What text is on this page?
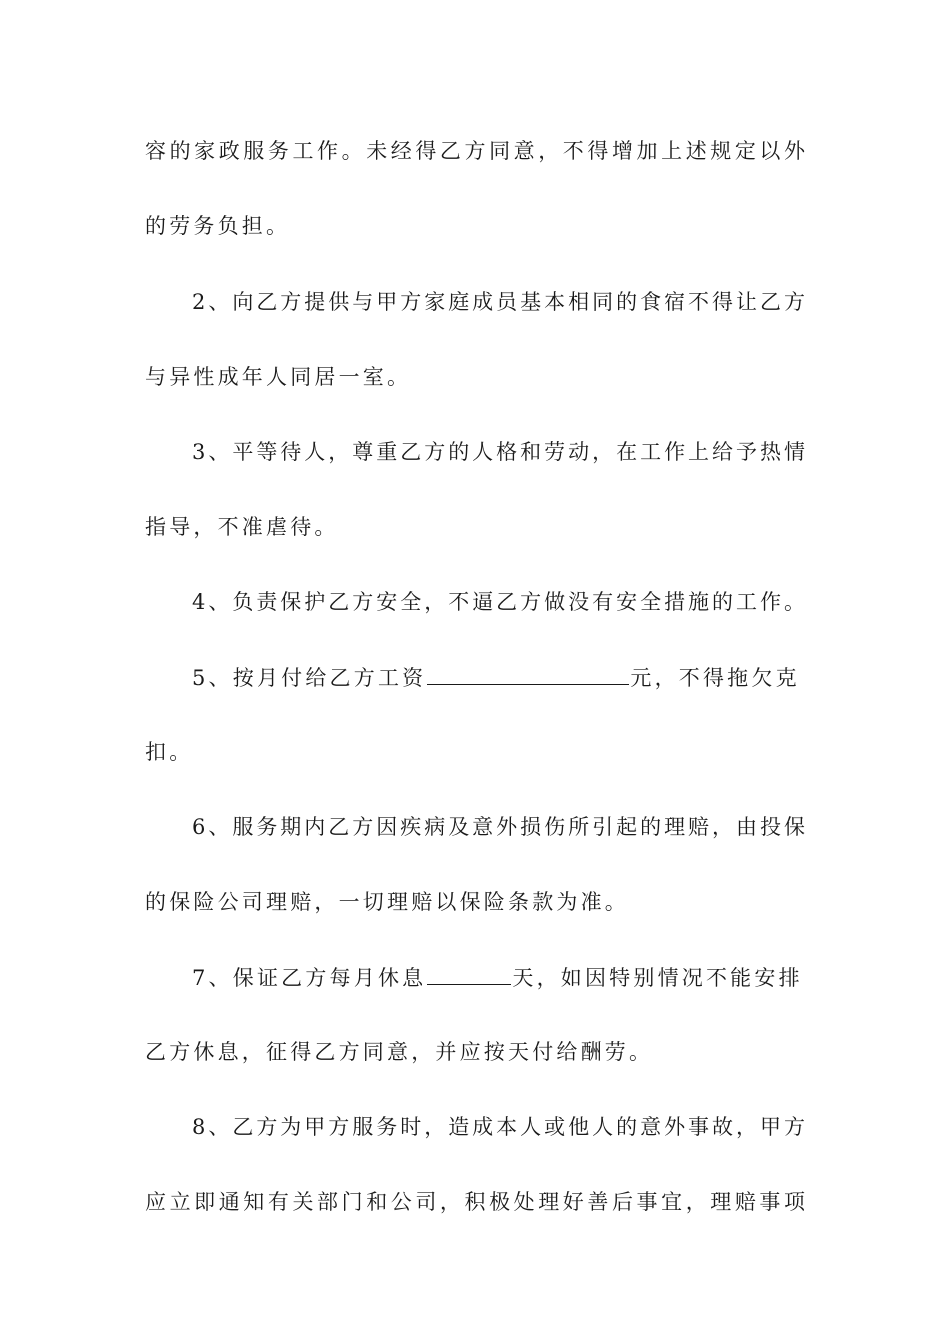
容的家政服务工作。未经得乙方同意，不得增加上述规定以外
的劳务负担。
2、向乙方提供与甲方家庭成员基本相同的食宿不得让乙方
与异性成年人同居一室。
3、平等待人，尊重乙方的人格和劳动，在工作上给予热情
指导，不准虐待。
4、负责保护乙方安全，不逼乙方做没有安全措施的工作。
5、按月付给乙方工资	元，不得拖欠克
扣。
6、服务期内乙方因疾病及意外损伤所引起的理赔，由投保
的保险公司理赔，一切理赔以保险条款为准。
7、保证乙方每月休息	天，如因特别情况不能安排
乙方休息，征得乙方同意，并应按天付给酬劳。
8、乙方为甲方服务时，造成本人或他人的意外事故，甲方
应立即通知有关部门和公司，积极处理好善后事宜，理赔事项
